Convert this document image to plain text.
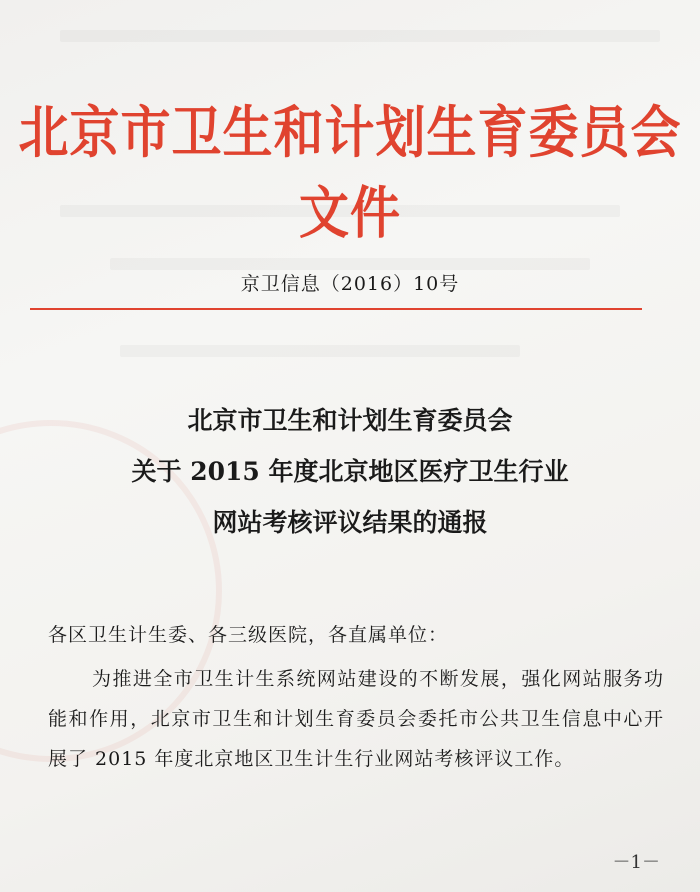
北京市卫生和计划生育委员会文件
京卫信息（2016）10号
北京市卫生和计划生育委员会
关于 2015 年度北京地区医疗卫生行业
网站考核评议结果的通报
各区卫生计生委、各三级医院，各直属单位：
为推进全市卫生计生系统网站建设的不断发展，强化网站服务功能和作用，北京市卫生和计划生育委员会委托市公共卫生信息中心开展了 2015 年度北京地区卫生计生行业网站考核评议工作。
－1－
